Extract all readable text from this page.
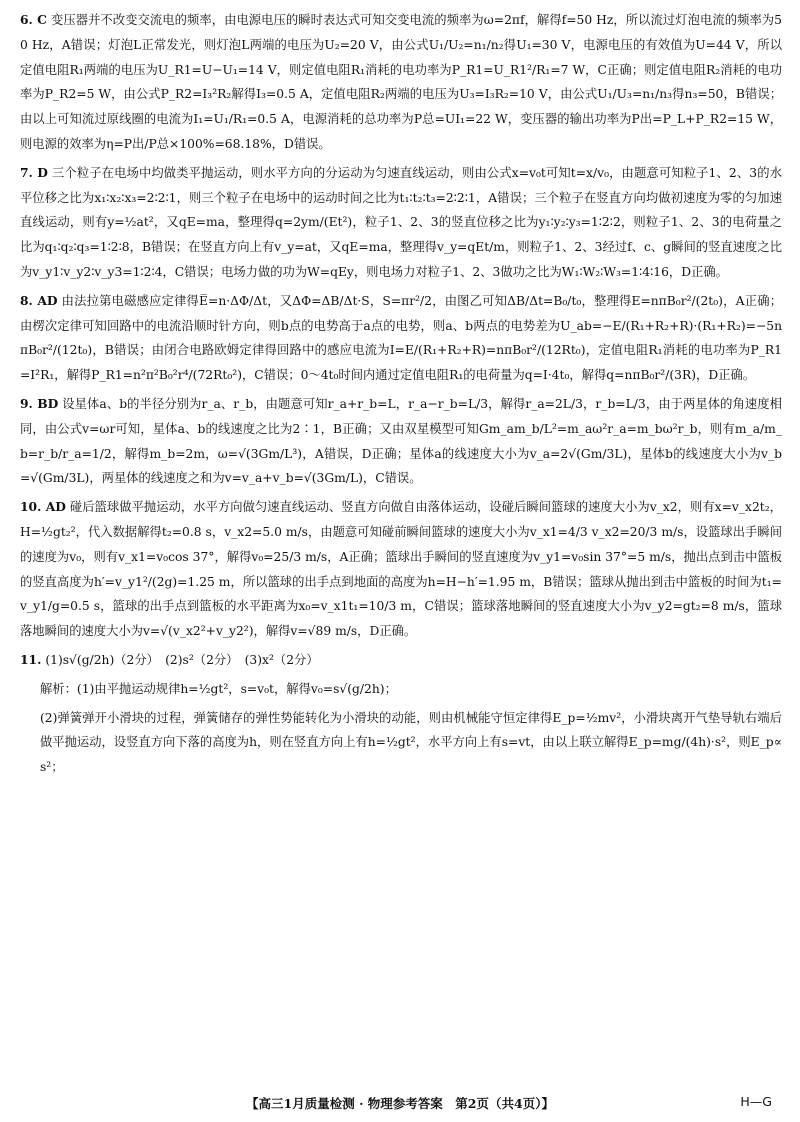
6. C 变压器并不改变交流电的频率，由电源电压的瞬时表达式可知交变电流的频率为ω=2πf，解得f=50 Hz，所以流过灯泡电流的频率为50 Hz，A错误；灯泡L正常发光，则灯泡L两端的电压为U₂=20 V，由公式U₁/U₂=n₁/n₂得U₁=30 V，电源电压的有效值为U=44 V，所以定值电阻R₁两端的电压为U_R1=U−U₁=14 V，则定值电阻R₁消耗的电功率为P_R1=U_R1²/R₁=7 W，C正确；则定值电阻R₂消耗的电功率为P_R2=5 W，由公式P_R2=I₃²R₂解得I₃=0.5 A，定值电阻R₂两端的电压为U₃=I₃R₂=10 V，由公式U₁/U₃=n₁/n₃得n₃=50，B错误；由以上可知流过原线圈的电流为I₁=U₁/R₁=0.5 A，电源消耗的总功率为P总=UI₁=22 W，变压器的输出功率为P出=P_L+P_R2=15 W，则电源的效率为η=P出/P总×100%=68.18%，D错误。

7. D 三个粒子在电场中均做类平抛运动，则水平方向的分运动为匀速直线运动，则由公式x=v₀t可知t=x/v₀，由题意可知粒子1、2、3的水平位移之比为x₁∶x₂∶x₃=2∶2∶1，则三个粒子在电场中的运动时间之比为t₁∶t₂∶t₃=2∶2∶1，A错误；三个粒子在竖直方向均做初速度为零的匀加速直线运动，则有y=½at²，又qE=ma，整理得q=2ym/(Et²)，粒子1、2、3的竖直位移之比为y₁∶y₂∶y₃=1∶2∶2，则粒子1、2、3的电荷量之比为q₁∶q₂∶q₃=1∶2∶8，B错误；在竖直方向上有v_y=at，又qE=ma，整理得v_y=qEt/m，则粒子1、2、3经过f、c、g瞬间的竖直速度之比为v_y1∶v_y2∶v_y3=1∶2∶4，C错误；电场力做的功为W=qEy，则电场力对粒子1、2、3做功之比为W₁∶W₂∶W₃=1∶4∶16，D正确。

8. AD 由法拉第电磁感应定律得E̅=n·ΔΦ/Δt，又ΔΦ=ΔB/Δt·S，S=πr²/2，由图乙可知ΔB/Δt=B₀/t₀，整理得E=nπB₀r²/(2t₀)，A正确；由楞次定律可知回路中的电流沿顺时针方向，则b点的电势高于a点的电势，则a、b两点的电势差为U_ab=−E/(R₁+R₂+R)·(R₁+R₂)=−5nπB₀r²/(12t₀)，B错误；由闭合电路欧姆定律得回路中的感应电流为I=E/(R₁+R₂+R)=nπB₀r²/(12Rt₀)，定值电阻R₁消耗的电功率为P_R1=I²R₁，解得P_R1=n²π²B₀²r⁴/(72Rt₀²)，C错误；0～4t₀时间内通过定值电阻R₁的电荷量为q=I·4t₀，解得q=nπB₀r²/(3R)，D正确。

9. BD 设星体a、b的半径分别为r_a、r_b，由题意可知r_a+r_b=L，r_a−r_b=L/3，解得r_a=2L/3，r_b=L/3，由于两星体的角速度相同，由公式v=ωr可知，星体a、b的线速度之比为2∶1，B正确；又由双星模型可知Gm_am_b/L²=m_aω²r_a=m_bω²r_b，则有m_a/m_b=r_b/r_a=1/2，解得m_b=2m，ω=√(3Gm/L³)，A错误，D正确；星体a的线速度大小为v_a=2√(Gm/3L)，星体b的线速度大小为v_b=√(Gm/3L)，两星体的线速度之和为v=v_a+v_b=√(3Gm/L)，C错误。

10. AD 碰后篮球做平抛运动，水平方向做匀速直线运动、竖直方向做自由落体运动，设碰后瞬间篮球的速度大小为v_x2，则有x=v_x2t₂，H=½gt₂²，代入数据解得t₂=0.8 s，v_x2=5.0 m/s，由题意可知碰前瞬间篮球的速度大小为v_x1=4/3 v_x2=20/3 m/s，设篮球出手瞬间的速度为v₀，则有v_x1=v₀cos 37°，解得v₀=25/3 m/s，A正确；篮球出手瞬间的竖直速度为v_y1=v₀sin 37°=5 m/s，抛出点到击中篮板的竖直高度为h′=v_y1²/(2g)=1.25 m，所以篮球的出手点到地面的高度为h=H−h′=1.95 m，B错误；篮球从抛出到击中篮板的时间为t₁=v_y1/g=0.5 s，篮球的出手点到篮板的水平距离为x₀=v_x1t₁=10/3 m，C错误；篮球落地瞬间的竖直速度大小为v_y2=gt₂=8 m/s，篮球落地瞬间的速度大小为v=√(v_x2²+v_y2²)，解得v=√89 m/s，D正确。

11. (1)s√(g/2h)（2分）　(2)s²（2分）　(3)x²（2分）

解析：(1)由平抛运动规律h=½gt²，s=v₀t，解得v₀=s√(g/2h)；

(2)弹簧弹开小滑块的过程，弹簧储存的弹性势能转化为小滑块的动能，则由机械能守恒定律得E_p=½mv²，小滑块离开气垫导轨右端后做平抛运动，设竖直方向下落的高度为h，则在竖直方向上有h=½gt²，水平方向上有s=vt，由以上联立解得E_p=mg/(4h)·s²，则E_p∝s²；

【高三1月质量检测 · 物理参考答案　第2页（共4页）】	H—G
